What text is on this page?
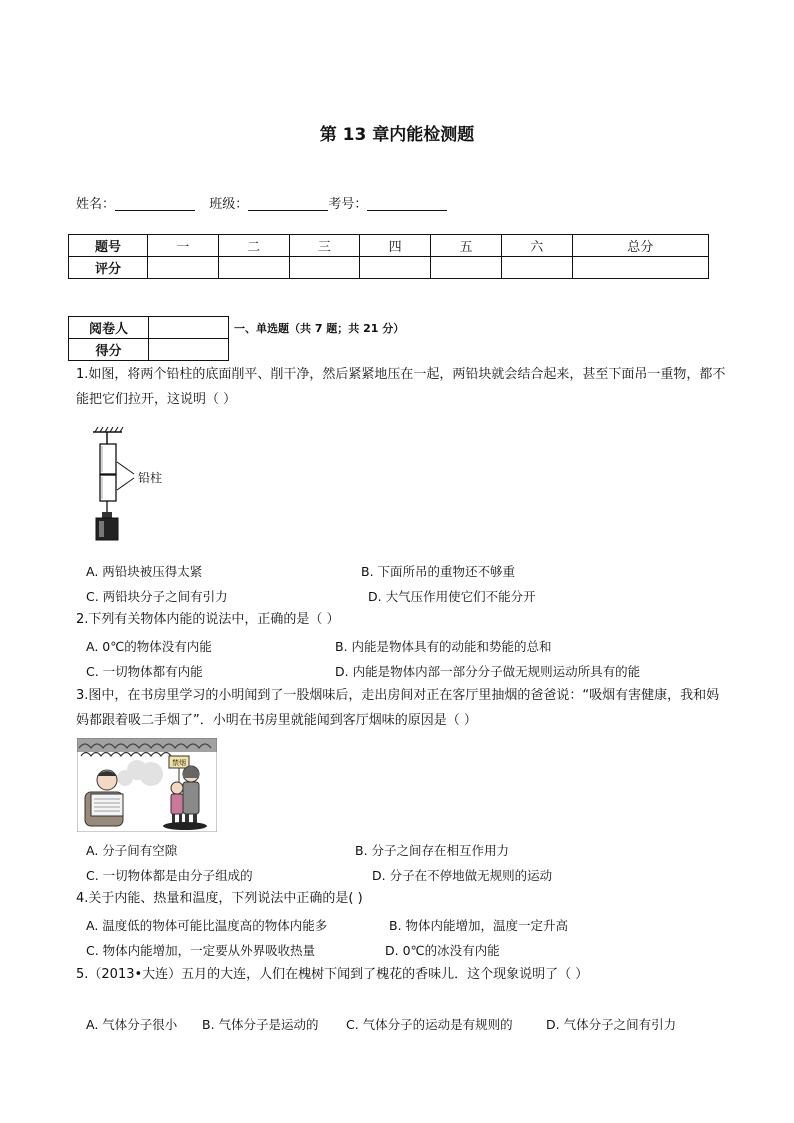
第 13 章内能检测题
姓名：	班级：	考号：
题号	一	二	三	四	五	六	总分
评分							
阅卷人	
得分	
一、单选题（共 7 题；共 21 分）
1.如图，将两个铅柱的底面削平、削干净，然后紧紧地压在一起，两铅块就会结合起来，甚至下面吊一重物，都不能把它们拉开，这说明（ ）
铅柱
A. 两铅块被压得太紧	B. 下面所吊的重物还不够重
C. 两铅块分子之间有引力	D. 大气压作用使它们不能分开
2.下列有关物体内能的说法中，正确的是（ ）
A. 0℃的物体没有内能	B. 内能是物体具有的动能和势能的总和
C. 一切物体都有内能	D. 内能是物体内部一部分分子做无规则运动所具有的能
3.图中，在书房里学习的小明闻到了一股烟味后，走出房间对正在客厅里抽烟的爸爸说：“吸烟有害健康，我和妈妈都跟着吸二手烟了”．小明在书房里就能闻到客厅烟味的原因是（ ）
禁烟
A. 分子间有空隙	B. 分子之间存在相互作用力
C. 一切物体都是由分子组成的	D. 分子在不停地做无规则的运动
4.关于内能、热量和温度，下列说法中正确的是( )
A. 温度低的物体可能比温度高的物体内能多	B. 物体内能增加，温度一定升高
C. 物体内能增加，一定要从外界吸收热量	D. 0℃的冰没有内能
5.（2013•大连）五月的大连，人们在槐树下闻到了槐花的香味儿．这个现象说明了（ ）
A. 气体分子很小 B. 气体分子是运动的 C. 气体分子的运动是有规则的	D. 气体分子之间有引力
